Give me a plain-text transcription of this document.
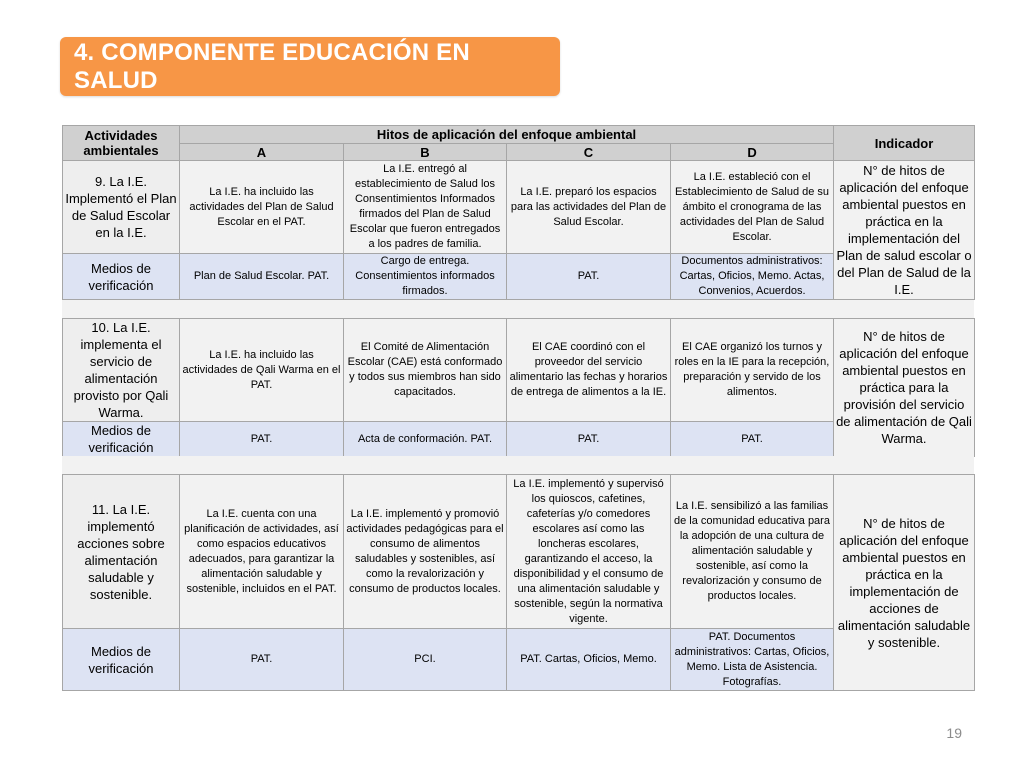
4. COMPONENTE EDUCACIÓN EN SALUD
Actividades ambientales	Hitos de aplicación del enfoque ambiental				Indicador
	A	B	C	D	
9. La I.E. Implementó el Plan de Salud Escolar en la I.E.	La I.E. ha incluido las actividades del Plan de Salud Escolar en el PAT.	La I.E. entregó al establecimiento de Salud los Consentimientos Informados firmados del Plan de Salud Escolar que fueron entregados a los padres de familia.	La I.E. preparó los espacios para las actividades del Plan de Salud Escolar.	La I.E. estableció con el Establecimiento de Salud de su ámbito el cronograma de las actividades del Plan de Salud Escolar.	N° de hitos de aplicación del enfoque ambiental puestos en práctica en la implementación del Plan de salud escolar o del Plan de Salud de la I.E.
Medios de verificación	Plan de Salud Escolar. PAT.	Cargo de entrega. Consentimientos informados firmados.	PAT.	Documentos administrativos: Cartas, Oficios, Memo. Actas, Convenios, Acuerdos.	
10. La I.E. implementa el servicio de alimentación provisto por Qali Warma.	La I.E. ha incluido las actividades de Qali Warma en el PAT.	El Comité de Alimentación Escolar (CAE) está conformado y todos sus miembros han sido capacitados.	El CAE coordinó con el proveedor del servicio alimentario las fechas y horarios de entrega de alimentos a la IE.	El CAE organizó los turnos y roles en la IE para la recepción, preparación y servido de los alimentos.	N° de hitos de aplicación del enfoque ambiental puestos en práctica para la provisión del servicio de alimentación de Qali Warma.
Medios de verificación	PAT.	Acta de conformación. PAT.	PAT.	PAT.	
11. La I.E. implementó acciones sobre alimentación saludable y sostenible.	La I.E. cuenta con una planificación de actividades, así como espacios educativos adecuados, para garantizar la alimentación saludable y sostenible, incluidos en el PAT.	La I.E. implementó y promovió actividades pedagógicas para el consumo de alimentos saludables y sostenibles, así como la revalorización y consumo de productos locales.	La I.E. implementó y supervisó los quioscos, cafetines, cafeterías y/o comedores escolares así como las loncheras escolares, garantizando el acceso, la disponibilidad y el consumo de una alimentación saludable y sostenible, según la normativa vigente.	La I.E. sensibilizó a las familias de la comunidad educativa para la adopción de una cultura de alimentación saludable y sostenible, así como la revalorización y consumo de productos locales.	N° de hitos de aplicación del enfoque ambiental puestos en práctica en la implementación de acciones de alimentación saludable y sostenible.
Medios de verificación	PAT.	PCI.	PAT. Cartas, Oficios, Memo.	PAT. Documentos administrativos: Cartas, Oficios, Memo. Lista de Asistencia. Fotografías.	
19
